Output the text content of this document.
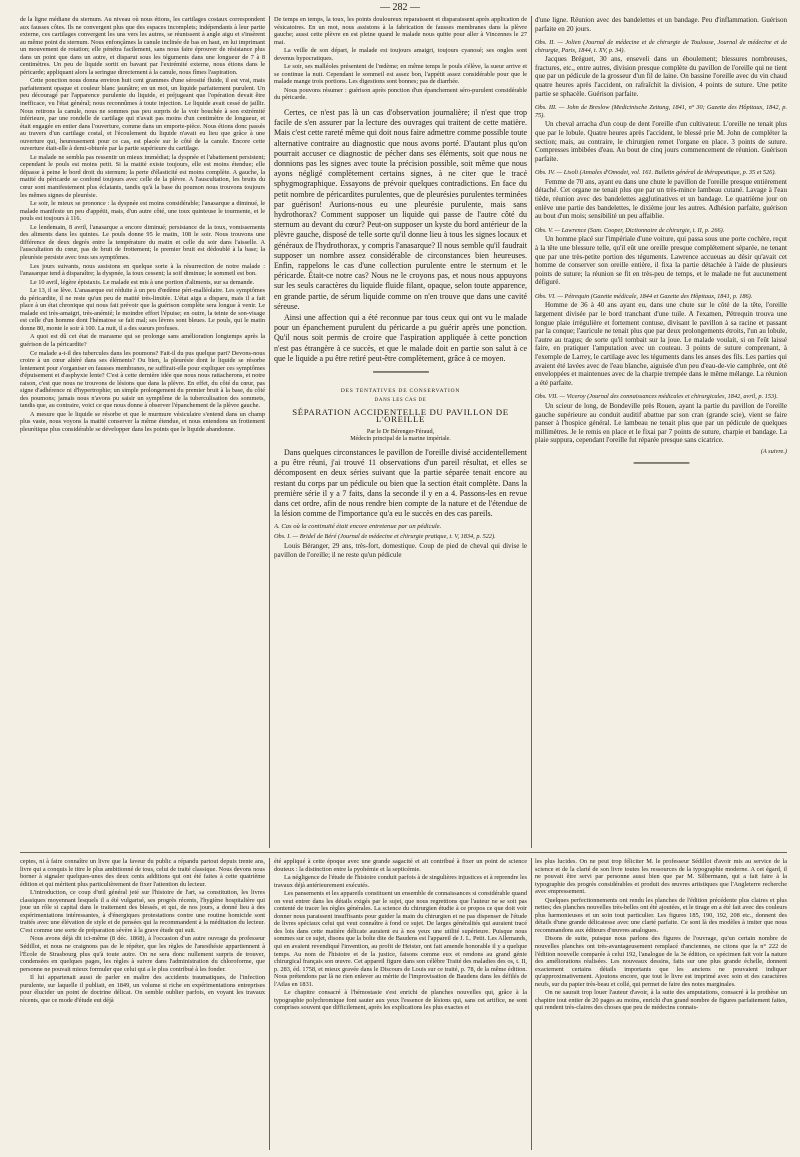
— 282 —

de la ligne médiane du sternum. Au niveau où nous étions, les cartilages costaux correspondent aux fausses côtes. Ils ne convergent plus que des espaces incomplets; indépendants à leur partie externe, ces cartilages convergent les uns vers les autres, se réunissent à angle aigu et s'insèrent au même point du sternum. Nous enfonçâmes la canule inclinée de bas en haut, en lui imprimant un mouvement de rotation; elle pénétra facilement, sans nous faire éprouver de résistance plus dans un point que dans un autre, et disparut sous les téguments dans une longueur de 7 à 8 centimètres. Un peu de liquide sortit en bavant par l'extrémité externe, nous étions dans le péricarde; appliquant alors la seringue directement à la canule, nous fîmes l'aspiration.

Cette ponction nous donna environ huit cent grammes d'une sérosité fluide, il est vrai, mais parfaitement opaque et couleur blanc jaunâtre; en un mot, un liquide parfaitement purulent. Un peu découragé par l'apparence purulente du liquide, et préjugeant que l'opération devait être inefficace, vu l'état général; nous reconnûmes à toute injection. Le liquide avait cessé de jaillir. Nous retirons la canule, nous ne sommes pas peu surpris de la voir bouchée à son extrémité inférieure, par une rondelle de cartilage qui n'avait pas moins d'un centimètre de longueur, et était engagée en entier dans l'ouverture, comme dans un emporte-pièce. Nous étions donc passés au travers d'un cartilage costal, et l'écoulement du liquide n'avait eu lieu que grâce à une ouverture qui, heureusement pour ce cas, est placée sur le côté de la canule. Encore cette ouverture était-elle à demi-obturée par la partie supérieure du cartilage.

Le malade ne sembla pas ressentir un mieux immédiat; la dyspnée et l'abattement persistent; cependant le pouls est moins petit. Si la matité existe toujours, elle est moins étendue; elle dépasse à peine le bord droit du sternum; la perte d'élasticité est moins complète. A gauche, la matité du péricarde se confond toujours avec celle de la plèvre. A l'auscultation, les bruits du cœur sont manifestement plus éclatants, tandis qu'à la base du poumon nous trouvons toujours les mêmes signes de pleurésie.

Le soir, le mieux se prononce : la dyspnée est moins considérable; l'anasarque a diminué, le malade manifeste un peu d'appétit, mais, d'un autre côté, une toux quinteuse le tourmente, et le pouls est toujours à 116.

Le lendemain, 8 avril, l'anasarque a encore diminué; persistance de la toux, vomissements des aliments dans les quintes. Le pouls donne 95 le matin, 108 le soir. Nous trouvons une différence de deux degrés entre la température du matin et celle du soir dans l'aisselle. A l'auscultation du cœur, pas de bruit de frottement; le premier bruit est dédoublé à la base; la pleurésie persiste avec tous ses symptômes.

Les jours suivants, nous assistons en quelque sorte à la résurrection de notre malade : l'anasarque tend à disparaître; la dyspnée, la toux cessent; la soif diminue; le sommeil est bon.

Le 10 avril, légère épistaxis. Le malade est mis à une portion d'aliments, sur sa demande.

Le 13, il se lève. L'anasarque est réduite à un peu d'œdème péri-malléolaire. Les symptômes du péricardite, il ne reste qu'un peu de matité très-limitée. L'état aigu a disparu, mais il a fait place à un état chronique qui nous fait prévoir que la guérison complète sera longue à venir. Le malade est très-amaigri, très-anémié; le moindre effort l'épuise; en outre, la teinte de son-visage est celle d'un homme dont l'hématose se fait mal; ses lèvres sont bleues. Le pouls, qui le matin donne 80, monte le soir à 100. La nuit, il a des sueurs profuses.

A quoi est dû cet état de marasme qui se prolonge sans amélioration longtemps après la guérison de la péricardite?

Ce malade a-t-il des tubercules dans les poumons? Fait-il du pus quelque part? Devons-nous croire à un cœur altéré dans ses éléments? Ou bien, la pleurésie dont le liquide se résorbe lentement pour s'organiser en fausses membranes, ne suffirait-elle pour expliquer ces symptômes d'épuisement et d'asphyxie lente? C'est à cette dernière idée que nous nous rattacherons, et notre raison, c'est que nous ne trouvons de lésions que dans la plèvre. En effet, du côté du cœur, pas signe d'adhérence ni d'hypertrophie; un simple prolongement du premier bruit à la base, du côté des poumons; jamais nous n'avons pu saisir un symptôme de la tuberculisation des sommets, tandis que, au contraire, voici ce que nous donne à observer l'épanchement de la plèvre gauche.

A mesure que le liquide se résorbe et que le murmure vésiculaire s'entend dans un champ plus vaste, nous voyons la matité conserver la même étendue, et nous entendons un frottement pleurétique plus considérable se développer dans les points que le liquide abandonne.

De temps en temps, la toux, les points douloureux reparaissent et disparaissent après application de vésicatoires. En un mot, nous assistons à la fabrication de fausses membranes dans la plèvre gauche; aussi cette plèvre en est pleine quand le malade nous quitte pour aller à Vincennes le 27 mai.

La veille de son départ, le malade est toujours amaigri, toujours cyanosé; ses ongles sont devenus hypocratiques.

Le soir, ses malléoles présentent de l'œdème; en même temps le pouls s'élève, la sueur arrive et se continue la nuit. Cependant le sommeil est assez bon, l'appétit assez considérable pour que le malade mange trois portions. Les digestions sont bonnes; pas de diarrhée.

Nous pouvons résumer : guérison après ponction d'un épanchement séro-purulent considérable du péricarde.

Certes, ce n'est pas là un cas d'observation journalière; il n'est que trop facile de s'en assurer par la lecture des ouvrages qui traitent de cette matière. Mais c'est cette rareté même qui doit nous faire admettre comme possible toute alternative contraire au diagnostic que nous avons porté. D'autant plus qu'on pourrait accuser ce diagnostic de pécher dans ses éléments, soit que nous ne donnions pas les signes avec toute la précision possible, soit même que nous ayons négligé complètement certains signes, à ne citer que le tracé sphygmographique. Essayons de prévoir quelques contradictions. En face du petit nombre de péricardites purulentes, que de pleurésies purulentes terminées par guérison! Aurions-nous eu une pleurésie purulente, mais sans hydrothorax? Comment supposer un liquide qui passe de l'autre côté du sternum au devant du cœur? Peut-on supposer un kyste du bord antérieur de la plèvre gauche, disposé de telle sorte qu'il donne lieu à tous les signes locaux et généraux de l'hydrothorax, y compris l'anasarque? Il nous semble qu'il faudrait supposer un nombre assez considérable de circonstances bien heureuses. Enfin, rappelons le cas d'une collection purulente entre le sternum et le péricarde. Était-ce notre cas? Nous ne le croyons pas, et nous nous appuyons sur les seuls caractères du liquide fluide filant, opaque, selon toute apparence, en grande partie, de sérum liquide comme on n'en trouve que dans une cavité séreuse.

Ainsi une affection qui a été reconnue par tous ceux qui ont vu le malade pour un épanchement purulent du péricarde a pu guérir après une ponction. Qu'il nous soit permis de croire que l'aspiration appliquée à cette ponction n'est pas étrangère à ce succès, et que le malade doit en partie son salut à ce que le liquide a pu être retiré peut-être complètement, grâce à ce moyen.

━━━━━━━━━━━━━━━━━━━━━

DES TENTATIVES DE CONSERVATION

DANS LES CAS DE

SÉPARATION ACCIDENTELLE DU PAVILLON DE L'OREILLE

Par le Dr Bérenger-Féraud,

Médecin principal de la marine impériale.

Dans quelques circonstances le pavillon de l'oreille divisé accidentellement a pu être réuni, j'ai trouvé 11 observations d'un pareil résultat, et elles se décomposent en deux séries suivant que la partie séparée tenait encore au restant du corps par un pédicule ou bien que la section était complète. Dans la première série il y a 7 faits, dans la seconde il y en a 4. Passons-les en revue dans cet ordre, afin de nous rendre bien compte de la nature et de l'étendue de la lésion comme de l'importance qu'a eu le succès en des cas pareils.

A. Cas où la continuité était encore entretenue par un pédicule.

Obs. I. — Bridel de Béré (Journal de médecine et chirurgie pratique, t. V, 1834, p. 522).

Louis Béranger, 29 ans, très-fort, domestique. Coup de pied de cheval qui divise le pavillon de l'oreille; il ne reste qu'un pédicule

d'une ligne. Réunion avec des bandelettes et un bandage. Peu d'inflammation. Guérison parfaite en 20 jours.

Obs. II. — Jolien (Journal de médecine et de chirurgie de Toulouse, Journal de médecine et de chirurgie, Paris, 1844, t. XV, p. 34).

Jacques Bréguet, 30 ans, enseveli dans un éboulement; blessures nombreuses, fractures, etc., entre autres, division presque complète du pavillon de l'oreille qui ne tient que par un pédicule de la grosseur d'un fil de laine. On bassine l'oreille avec du vin chaud quatre heures après l'accident, on rafraîchit la division, 4 points de suture. Une petite partie se sphacèle. Guérison parfaite.

Obs. III. — John de Breslow (Medicinische Zeitung, 1841, n° 30; Gazette des Hôpitaux, 1842, p. 75).

Un cheval arracha d'un coup de dent l'oreille d'un cultivateur. L'oreille ne tenait plus que par le lobule. Quatre heures après l'accident, le blessé prie M. John de compléter la section; mais, au contraire, le chirurgien remet l'organe en place. 3 points de suture. Compresses imbibées d'eau. Au bout de cinq jours commencement de réunion. Guérison parfaite.

Obs. IV. — Lisoli (Annales d'Omodei, vol. 161. Bulletin général de thérapeutique, p. 35 et 526).

Femme de 70 ans, ayant eu dans une chute le pavillon de l'oreille presque entièrement détaché. Cet organe ne tenait plus que par un très-mince lambeau cutané. Lavage à l'eau tiède, réunion avec des bandelettes agglutinatives et un bandage. Le quatrième jour on enlève une partie des bandelettes, le dixième jour les autres. Adhésion parfaite, guérison au bout d'un mois; sensibilité un peu affaiblie.

Obs. V. — Lawrence (Sam. Cooper, Dictionnaire de chirurgie, t. II, p. 266).

Un homme placé sur l'impériale d'une voiture, qui passa sous une porte cochère, reçut à la tête une blessure telle, qu'il eût une oreille presque complétement séparée, ne tenant que par une très-petite portion des téguments. Lawrence accueuas au désir qu'avait cet homme de conserver son oreille entière, il fixa la partie détachée à l'aide de plusieurs points de suture; la réunion se fit en très-peu de temps, et le malade ne fut aucunement défiguré.

Obs. VI. — Pétrequin (Gazette médicale, 1844 et Gazette des Hôpitaux, 1841, p. 186).

Homme de 36 à 40 ans ayant eu, dans une chute sur le côté de la tête, l'oreille largement divisée par le bord tranchant d'une tuile. A l'examen, Pétrequin trouva une longue plaie irrégulière et fortement contuse, divisant le pavillon à sa racine et passant par la conque; l'auricule ne tenait plus que par deux prolongements étroits, l'un au lobule, l'autre au tragus; de sorte qu'il tombait sur la joue. Le malade voulait, si on l'eût laissé faire, en pratiquer l'amputation avec un couteau. 3 points de suture comprenant, à l'exemple de Larrey, le cartilage avec les téguments dans les anses des fils. Les parties qui avaient été lavées avec de l'eau blanche, aiguisée d'un peu d'eau-de-vie camphrée, ont été enveloppées et maintenues avec de la charpie trempée dans le même mélange. La réunion a été parfaite.

Obs. VII. — Viceroy (Journal des connaissances médicales et chirurgicales, 1842, avril, p. 153).

Un scieur de long, de Bondeville près Rouen, ayant la partie du pavillon de l'oreille gauche supérieure au conduit auditif abattue par son cran (grande scie), vient se faire panser à l'hospice général. Le lambeau ne tenait plus que par un pédicule de quelques millimètres. Je le remis en place et le fixai par 7 points de suture, charpie et bandage. La plaie suppura, cependant l'oreille fut réparée presque sans cicatrice.

(A suivre.)

━━━━━━━━━━━━━━━━━━━━━

ceptes, ni à faire connaître un livre que la faveur du public a répandu partout depuis trente ans, livre qui a conquis le titre le plus ambitionné de tous, celui de traité classique. Nous devons nous borner à signaler quelques-unes des deux cents additions qui ont été faites à cette quatrième édition et qui méritent plus particulièrement de fixer l'attention du lecteur.

L'introduction, ce coup d'œil général jeté sur l'histoire de l'art, sa constitution, les livres classiques moyennant lesquels il a été vulgarisé, ses progrès récents, l'hygiène hospitalière qui joue un rôle si capital dans le traitement des blessés, et qui, de nos jours, a donné lieu à des expérimentations intéressantes, à d'énergiques protestations contre une routine homicide sont traités avec une élévation de style et de pensées qui la recommandent à la méditation du lecteur. C'est comme une sorte de préparation sévère à la grave étude qui suit.

Nous avons déjà dit ici-même (8 déc. 1868), à l'occasion d'un autre ouvrage du professeur Sédillot, et nous ne craignons pas de le répéter, que les règles de l'anesthésie appartiennent à l'École de Strasbourg plus qu'à toute autre. On ne sera donc nullement surpris de trouver, condensées en quelques pages, les règles à suivre dans l'administration du chloroforme, que personne ne pouvait mieux formuler que celui qui a le plus contribué à les fonder.

Il lui appartenait aussi de parler en maître des accidents traumatiques, de l'infection purulente, sur laquelle il publiait, en 1849, un volume si riche en expérimentations entreprises pour élucider un point de doctrine délicat. On semble oublier parfois, en voyant les travaux récents, que ce mode d'étude eut déjà

été appliqué à cette époque avec une grande sagacité et ait contribué à fixer un point de science douteux : la distinction entre la pyohémie et la septicémie.

La négligence de l'étude de l'histoire conduit parfois à de singulières injustices et à reprendre les travaux déjà antérieurement exécutés.

Les pansements et les appareils constituent un ensemble de connaissances si considérable quand on veut entrer dans les détails exigés par le sujet, que nous regrettions que l'auteur ne se soit pas contenté de tracer les règles générales. La science du chirurgien étudie à ce propos ce que doit voir donner nous paraissent insuffisants pour guider la main du chirurgien et ne pas dispenser de l'étude de livres spéciaux celui qui veut connaître à fond ce sujet. De larges généralités qui auraient tracé des lois dans cette matière délicate auraient eu à nos yeux une utilité supérieure. Puisque nous sommes sur ce sujet, disons que la boîte dite de Baudens est l'appareil de J. L. Petit. Les Allemands, qui en avaient revendiqué l'invention, au profit de Heister, ont fait amende honorable il y a quelque temps. Au nom de l'histoire et de la justice, faisons comme eux et rendons au grand génie chirurgical français son œuvre. Cet appareil figure dans son célèbre Traité des maladies des os, t. II, p. 283, éd. 1758, et mieux gravée dans le Discours de Louis sur ce traité, p. 78, de la même édition. Nous prétendons par là ne rien enlever au mérite de l'improvisation de Baudens dans les défilés de l'Atlas en 1831.

Le chapitre consacré à l'hémostasie s'est enrichi de planches nouvelles qui, grâce à la typographie polychromique font sauter aux yeux l'essence de lésions qui, sans cet artifice, ne sont comprises souvent que difficilement, après les explications les plus exactes et

les plus lucides. On ne peut trop féliciter M. le professeur Sédillot d'avoir mis au service de la science et de la clarté de son livre toutes les ressources de la typographie moderne. A cet égard, il ne pouvait être servi par personne aussi bien que par M. Silbermann, qui a fait faire à la typographie des progrès considérables et produit des œuvres artistiques que l'Angleterre recherche avec empressement.

Quelques perfectionnements ont rendu les planches de l'édition précédente plus claires et plus nettes; des planches nouvelles très-belles ont été ajoutées, et le tirage en a été fait avec des couleurs plus harmonieuses et un soin tout particulier. Les figures 185, 190, 192, 208 etc., donnent des détails d'une grande délicatesse avec une clarté parfaite. Ce sont là des modèles à imiter que nous recommandons aux éditeurs d'œuvres analogues.

Disons de suite, puisque nous parlons des figures de l'ouvrage, qu'un certain nombre de nouvelles planches ont très-avantageusement remplacé d'anciennes, ne citons que la n° 222 de l'édition nouvelle comparée à celui 192, l'analogue de la 3e édition, ce spécimen fait voir la nature des améliorations réalisées. Les nouveaux dessins, faits sur une plus grande échelle, donnent exactement certains détails importants que les anciens ne pouvaient indiquer qu'approximativement. Ajoutons encore, que tout le livre est imprimé avec soin et des caractères neufs, sur du papier très-beau et collé, qui permet de faire des notes marginales.

On ne saurait trop louer l'auteur d'avoir, à la suite des amputations, consacré à la prothèse un chapitre tout entier de 20 pages au moins, enrichi d'un grand nombre de figures parfaitement faites, qui rendent très-claires des choses que peu de médecins connais-
